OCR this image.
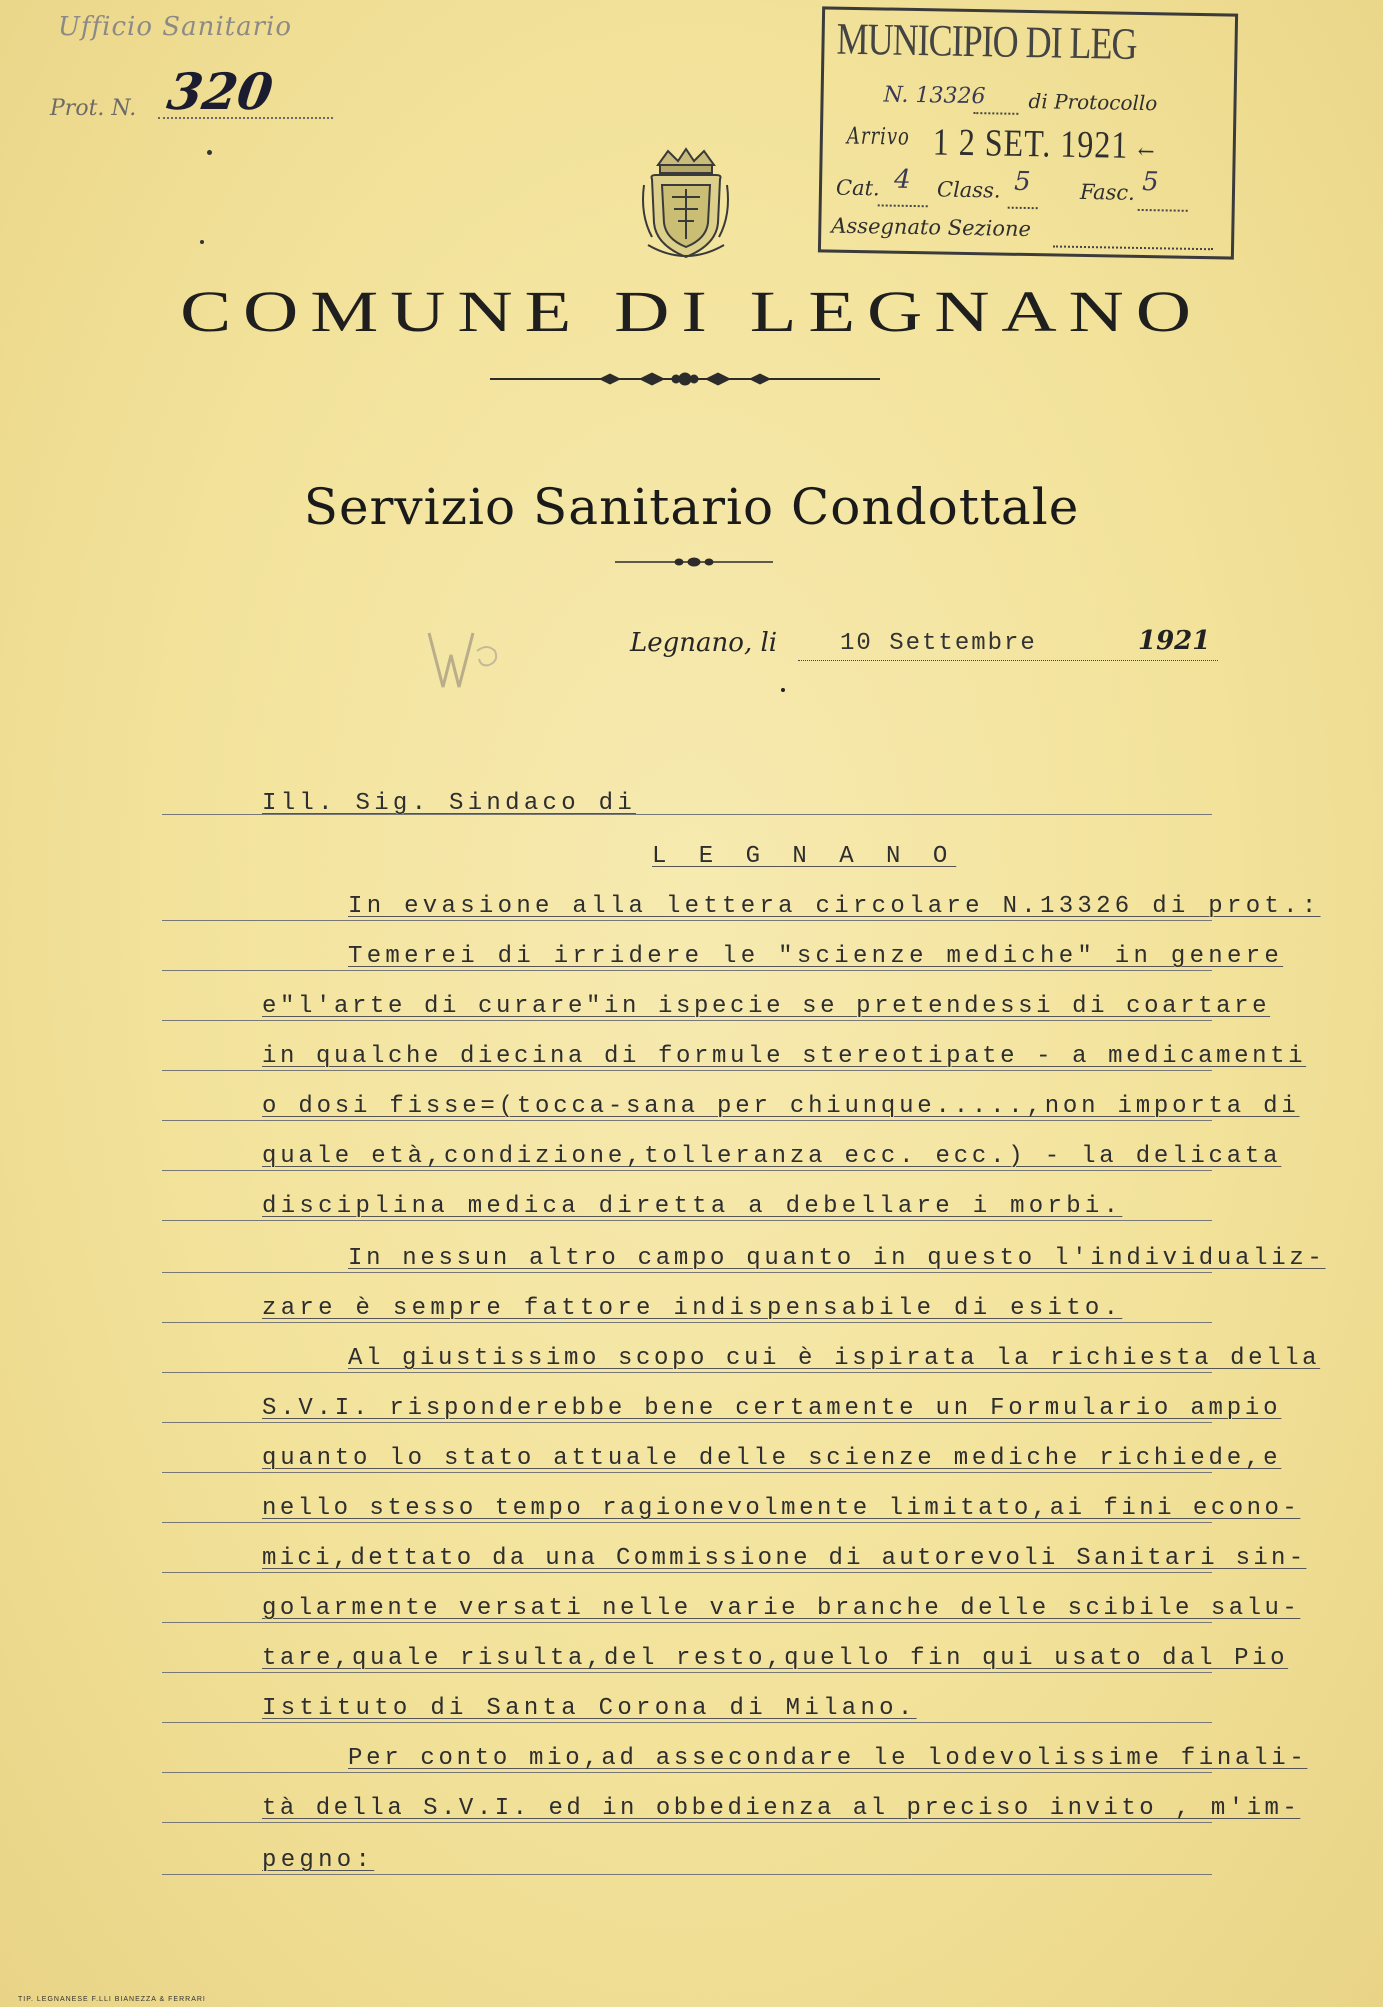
Ufficio Sanitario
Prot. N. 320
MUNICIPIO DI LEG
N. 13326 di Protocollo
Arrivo 1 2 SET. 1921 ←
Cat. 4 Class. 5 Fasc. 5
Assegnato Sezione
COMUNE DI LEGNANO
Servizio Sanitario Condottale
Legnano, li	10 Settembre	1921
Ill. Sig. Sindaco di
L E G N A N O
In evasione alla lettera circolare N.13326 di prot.:
Temerei di irridere le "scienze mediche" in genere
e"l'arte di curare"in ispecie se pretendessi di coartare
in qualche diecina di formule stereotipate - a medicamenti
o dosi fisse=(tocca-sana per chiunque.....,non importa di
quale età,condizione,tolleranza ecc. ecc.) - la delicata
disciplina medica diretta a debellare i morbi.
In nessun altro campo quanto in questo l'individualiz-
zare è sempre fattore indispensabile di esito.
Al giustissimo scopo cui è ispirata la richiesta della
S.V.I. risponderebbe bene certamente un Formulario ampio
quanto lo stato attuale delle scienze mediche richiede,e
nello stesso tempo ragionevolmente limitato,ai fini econo-
mici,dettato da una Commissione di autorevoli Sanitari sin-
golarmente versati nelle varie branche delle scibile salu-
tare,quale risulta,del resto,quello fin qui usato dal Pio
Istituto di Santa Corona di Milano.
Per conto mio,ad assecondare le lodevolissime finali-
tà della S.V.I. ed in obbedienza al preciso invito , m'im-
pegno:
TIP. LEGNANESE F.LLI BIANEZZA & FERRARI
